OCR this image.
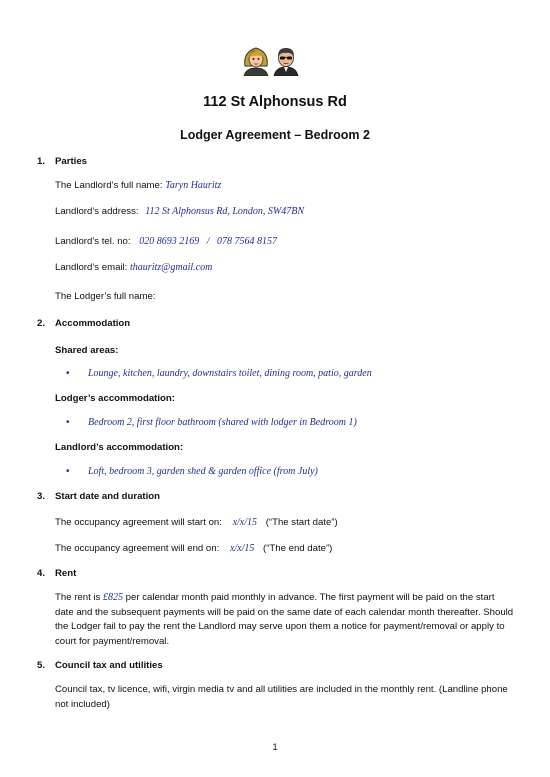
112 St Alphonsus Rd
Lodger Agreement – Bedroom 2
1. Parties
The Landlord’s full name: Taryn Hauritz
Landlord’s address: 112 St Alphonsus Rd, London, SW47BN
Landlord’s tel. no: 020 8693 2169   /   078 7564 8157
Landlord’s email: thauritz@gmail.com
The Lodger’s full name:
2. Accommodation
Shared areas:
• Lounge, kitchen, laundry, downstairs toilet, dining room, patio, garden
Lodger’s accommodation:
• Bedroom 2, first floor bathroom (shared with lodger in Bedroom 1)
Landlord’s accommodation:
• Loft, bedroom 3, garden shed & garden office (from July)
3. Start date and duration
The occupancy agreement will start on: x/x/15 (“The start date”)
The occupancy agreement will end on: x/x/15 (“The end date”)
4. Rent
The rent is £825 per calendar month paid monthly in advance. The first payment will be paid on the start date and the subsequent payments will be paid on the same date of each calendar month thereafter. Should the Lodger fail to pay the rent the Landlord may serve upon them a notice for payment/removal or apply to court for payment/removal.
5. Council tax and utilities
Council tax, tv licence, wifi, virgin media tv and all utilities are included in the monthly rent. (Landline phone not included)
1
